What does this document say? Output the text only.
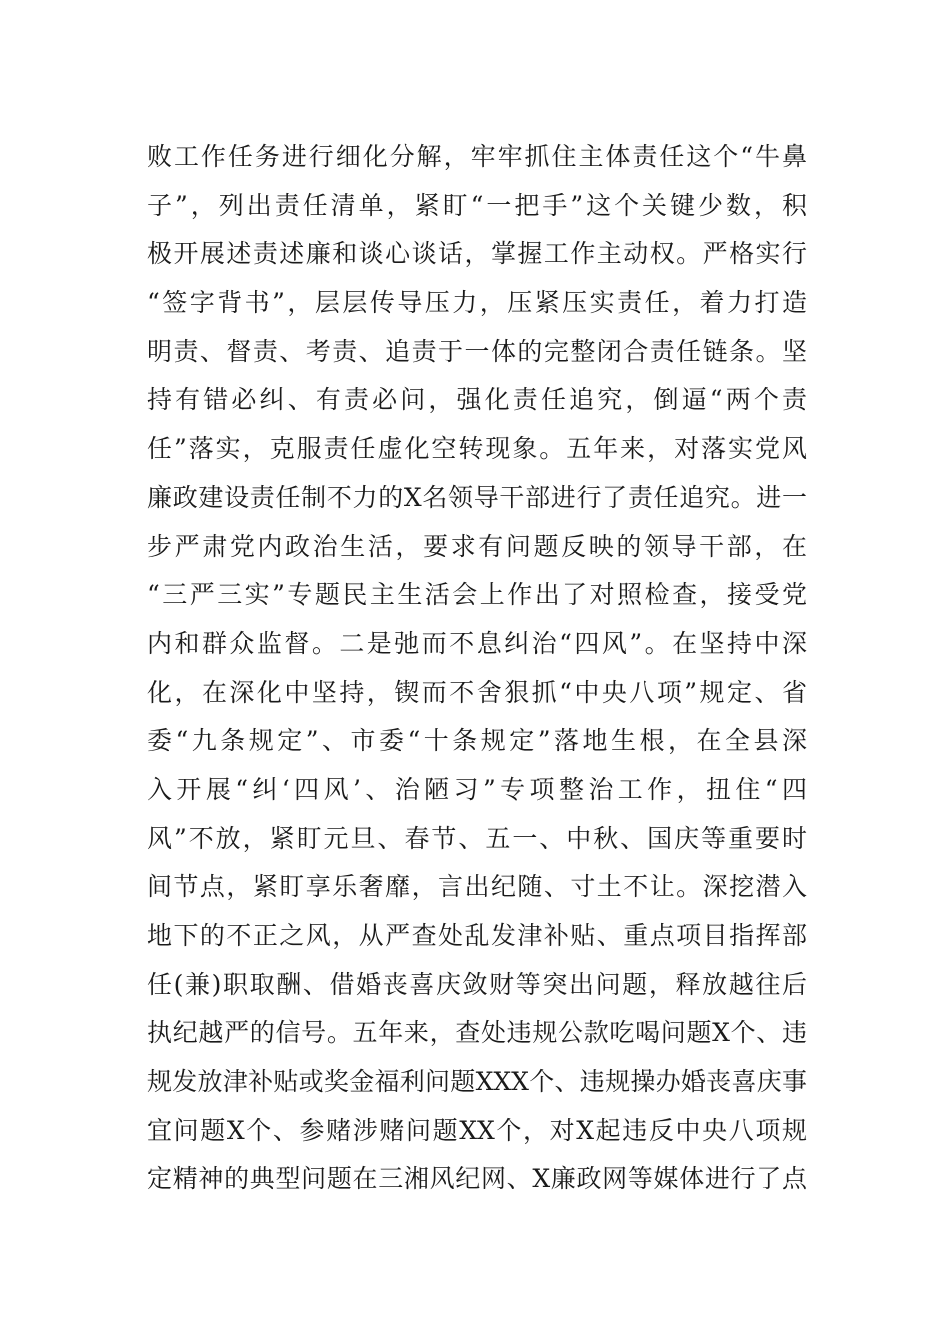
败工作任务进行细化分解，牢牢抓住主体责任这个“牛鼻
子”，列出责任清单，紧盯“一把手”这个关键少数，积
极开展述责述廉和谈心谈话，掌握工作主动权。严格实行
“签字背书”，层层传导压力，压紧压实责任，着力打造
明责、督责、考责、追责于一体的完整闭合责任链条。坚
持有错必纠、有责必问，强化责任追究，倒逼“两个责
任”落实，克服责任虚化空转现象。五年来，对落实党风
廉政建设责任制不力的X名领导干部进行了责任追究。进一
步严肃党内政治生活，要求有问题反映的领导干部，在
“三严三实”专题民主生活会上作出了对照检查，接受党
内和群众监督。二是弛而不息纠治“四风”。在坚持中深
化，在深化中坚持，锲而不舍狠抓“中央八项”规定、省
委“九条规定”、市委“十条规定”落地生根，在全县深
入开展“纠‘四风’、治陋习”专项整治工作，扭住“四
风”不放，紧盯元旦、春节、五一、中秋、国庆等重要时
间节点，紧盯享乐奢靡，言出纪随、寸土不让。深挖潜入
地下的不正之风，从严查处乱发津补贴、重点项目指挥部
任(兼)职取酬、借婚丧喜庆敛财等突出问题，释放越往后
执纪越严的信号。五年来，查处违规公款吃喝问题X个、违
规发放津补贴或奖金福利问题XXX个、违规操办婚丧喜庆事
宜问题X个、参赌涉赌问题XX个，对X起违反中央八项规
定精神的典型问题在三湘风纪网、X廉政网等媒体进行了点
